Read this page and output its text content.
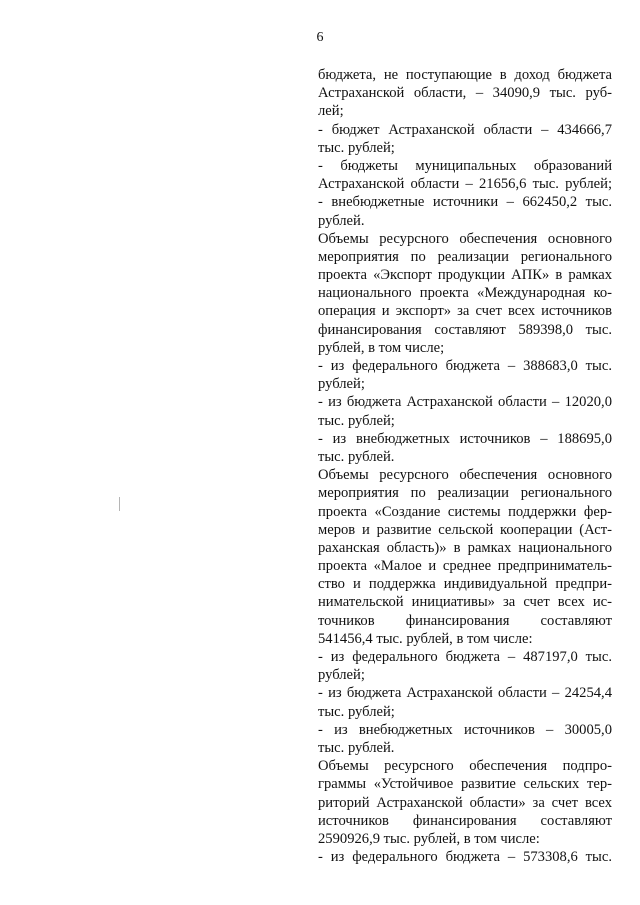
6
бюджета, не поступающие в доход бюджета
Астраханской области, – 34090,9 тыс. руб-
лей;
- бюджет Астраханской области – 434666,7
тыс. рублей;
- бюджеты муниципальных образований
Астраханской области – 21656,6 тыс. рублей;
- внебюджетные источники – 662450,2 тыс.
рублей.
Объемы ресурсного обеспечения основного
мероприятия по реализации регионального
проекта «Экспорт продукции АПК» в рамках
национального проекта «Международная ко-
операция и экспорт» за счет всех источников
финансирования составляют 589398,0 тыс.
рублей, в том числе;
- из федерального бюджета – 388683,0 тыс.
рублей;
- из бюджета Астраханской области – 12020,0
тыс. рублей;
- из внебюджетных источников – 188695,0
тыс. рублей.
Объемы ресурсного обеспечения основного
мероприятия по реализации регионального
проекта «Создание системы поддержки фер-
меров и развитие сельской кооперации (Аст-
раханская область)» в рамках национального
проекта «Малое и среднее предприниматель-
ство и поддержка индивидуальной предпри-
нимательской инициативы» за счет всех ис-
точников финансирования составляют
541456,4 тыс. рублей, в том числе:
- из федерального бюджета – 487197,0 тыс.
рублей;
- из бюджета Астраханской области – 24254,4
тыс. рублей;
- из внебюджетных источников – 30005,0
тыс. рублей.
Объемы ресурсного обеспечения подпро-
граммы «Устойчивое развитие сельских тер-
риторий Астраханской области» за счет всех
источников финансирования составляют
2590926,9 тыс. рублей, в том числе:
- из федерального бюджета – 573308,6 тыс.
